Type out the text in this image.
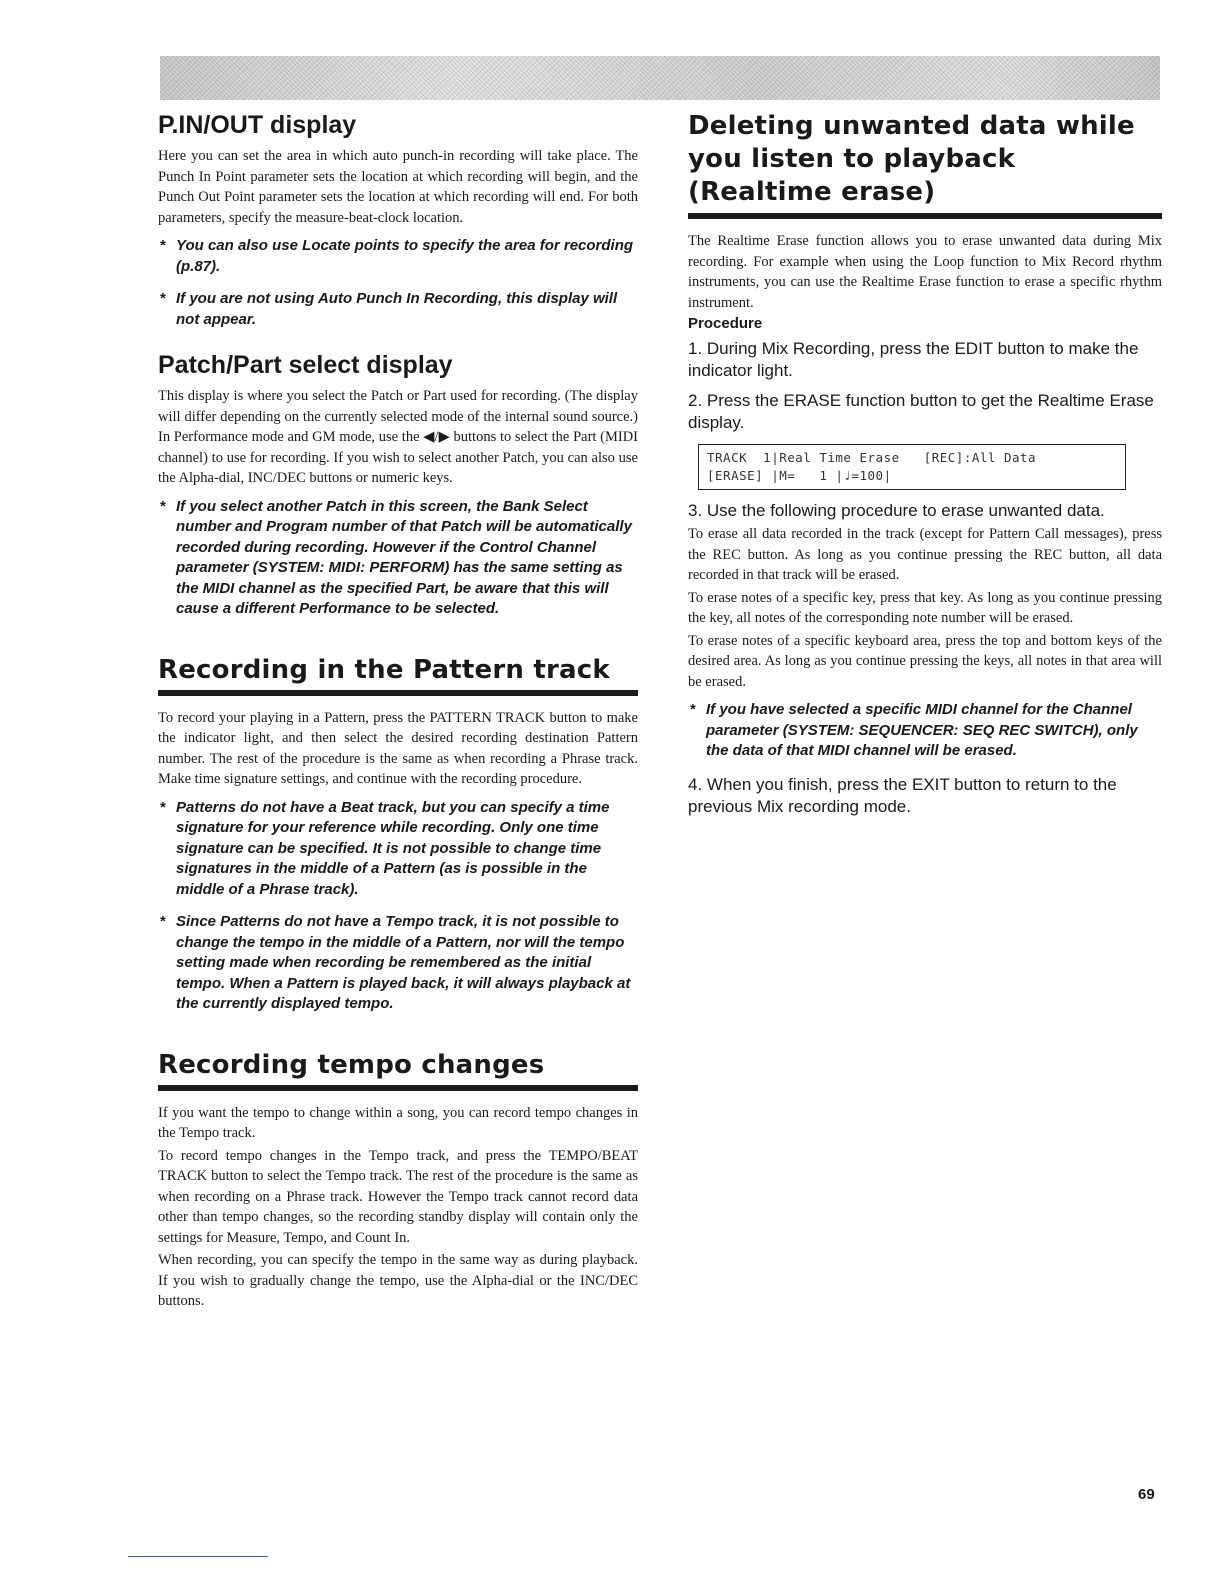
P.IN/OUT display

Here you can set the area in which auto punch-in recording will take place. The Punch In Point parameter sets the location at which recording will begin, and the Punch Out Point parameter sets the location at which recording will end. For both parameters, specify the measure-beat-clock location.

* You can also use Locate points to specify the area for recording (p.87).

* If you are not using Auto Punch In Recording, this display will not appear.

Patch/Part select display

This display is where you select the Patch or Part used for recording. (The display will differ depending on the currently selected mode of the internal sound source.) In Performance mode and GM mode, use the ◀/▶ buttons to select the Part (MIDI channel) to use for recording. If you wish to select another Patch, you can also use the Alpha-dial, INC/DEC buttons or numeric keys.

* If you select another Patch in this screen, the Bank Select number and Program number of that Patch will be automatically recorded during recording. However if the Control Channel parameter (SYSTEM: MIDI: PERFORM) has the same setting as the MIDI channel as the specified Part, be aware that this will cause a different Performance to be selected.

Recording in the Pattern track

To record your playing in a Pattern, press the PATTERN TRACK button to make the indicator light, and then select the desired recording destination Pattern number. The rest of the procedure is the same as when recording a Phrase track. Make time signature settings, and continue with the recording procedure.

* Patterns do not have a Beat track, but you can specify a time signature for your reference while recording. Only one time signature can be specified. It is not possible to change time signatures in the middle of a Pattern (as is possible in the middle of a Phrase track).

* Since Patterns do not have a Tempo track, it is not possible to change the tempo in the middle of a Pattern, nor will the tempo setting made when recording be remembered as the initial tempo. When a Pattern is played back, it will always playback at the currently displayed tempo.

Recording tempo changes

If you want the tempo to change within a song, you can record tempo changes in the Tempo track.

To record tempo changes in the Tempo track, and press the TEMPO/BEAT TRACK button to select the Tempo track. The rest of the procedure is the same as when recording on a Phrase track. However the Tempo track cannot record data other than tempo changes, so the recording standby display will contain only the settings for Measure, Tempo, and Count In.

When recording, you can specify the tempo in the same way as during playback. If you wish to gradually change the tempo, use the Alpha-dial or the INC/DEC buttons.

Deleting unwanted data while you listen to playback (Realtime erase)

The Realtime Erase function allows you to erase unwanted data during Mix recording. For example when using the Loop function to Mix Record rhythm instruments, you can use the Realtime Erase function to erase a specific rhythm instrument.

Procedure

1. During Mix Recording, press the EDIT button to make the indicator light.

2. Press the ERASE function button to get the Realtime Erase display.

TRACK  1|Real Time Erase   [REC]:All Data
[ERASE] |M=   1 |♩=100|

3. Use the following procedure to erase unwanted data.

To erase all data recorded in the track (except for Pattern Call messages), press the REC button. As long as you continue pressing the REC button, all data recorded in that track will be erased.

To erase notes of a specific key, press that key. As long as you continue pressing the key, all notes of the corresponding note number will be erased.

To erase notes of a specific keyboard area, press the top and bottom keys of the desired area. As long as you continue pressing the keys, all notes in that area will be erased.

* If you have selected a specific MIDI channel for the Channel parameter (SYSTEM: SEQUENCER: SEQ REC SWITCH), only the data of that MIDI channel will be erased.

4. When you finish, press the EXIT button to return to the previous Mix recording mode.

69
